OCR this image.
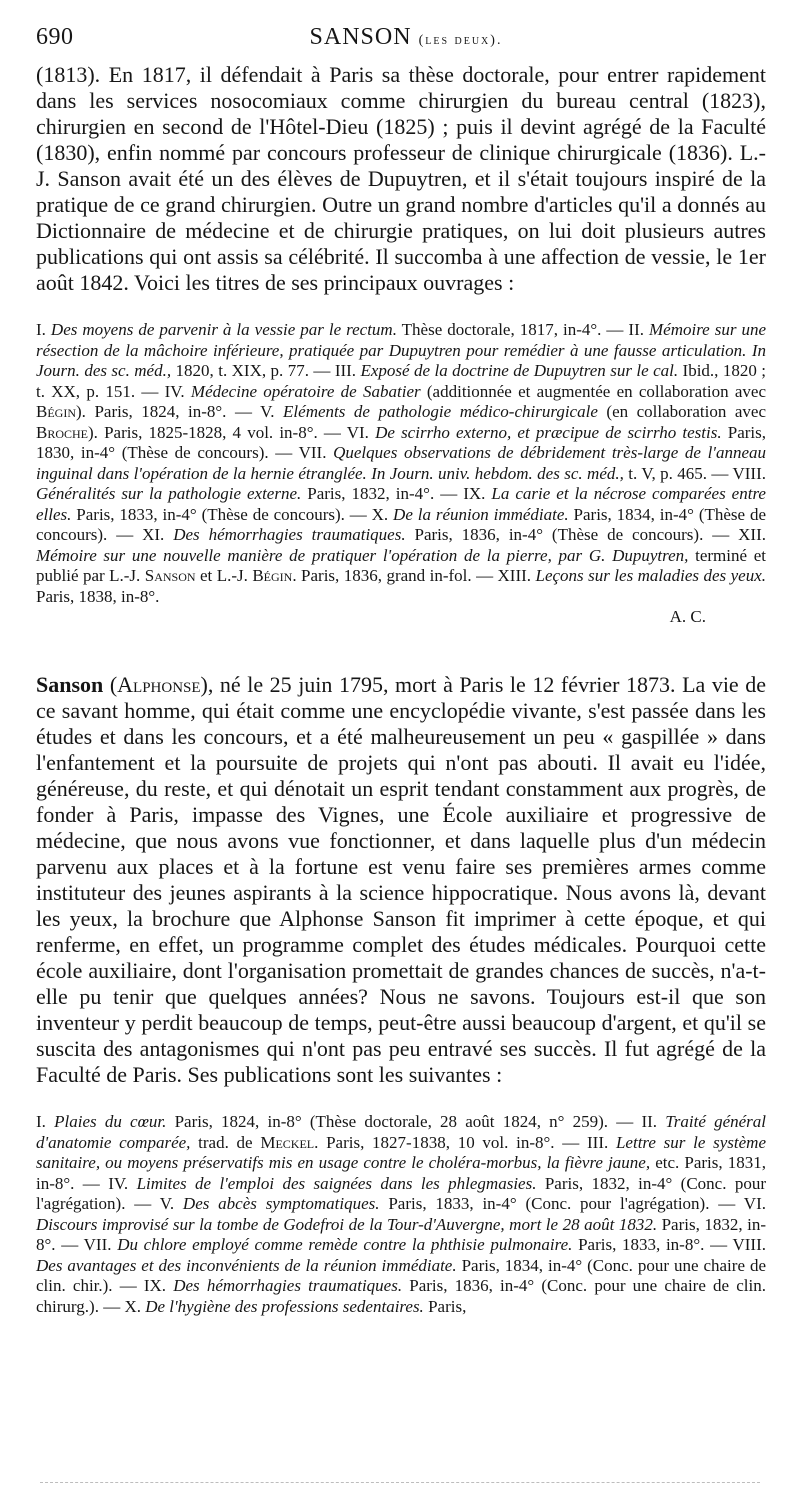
690	SANSON (les deux).

(1813). En 1817, il défendait à Paris sa thèse doctorale, pour entrer rapidement dans les services nosocomiaux comme chirurgien du bureau central (1823), chirurgien en second de l'Hôtel-Dieu (1825) ; puis il devint agrégé de la Faculté (1830), enfin nommé par concours professeur de clinique chirurgicale (1836). L.-J. Sanson avait été un des élèves de Dupuytren, et il s'était toujours inspiré de la pratique de ce grand chirurgien. Outre un grand nombre d'articles qu'il a donnés au Dictionnaire de médecine et de chirurgie pratiques, on lui doit plusieurs autres publications qui ont assis sa célébrité. Il succomba à une affection de vessie, le 1er août 1842. Voici les titres de ses principaux ouvrages :

I. Des moyens de parvenir à la vessie par le rectum. Thèse doctorale, 1817, in-4°. — II. Mémoire sur une résection de la mâchoire inférieure, pratiquée par Dupuytren pour remédier à une fausse articulation. In Journ. des sc. méd., 1820, t. XIX, p. 77. — III. Exposé de la doctrine de Dupuytren sur le cal. Ibid., 1820 ; t. XX, p. 151. — IV. Médecine opératoire de Sabatier (additionnée et augmentée en collaboration avec Bégin). Paris, 1824, in-8°. — V. Eléments de pathologie médico-chirurgicale (en collaboration avec Broche). Paris, 1825-1828, 4 vol. in-8°. — VI. De scirrho externo, et præcipue de scirrho testis. Paris, 1830, in-4° (Thèse de concours). — VII. Quelques observations de débridement très-large de l'anneau inguinal dans l'opération de la hernie étranglée. In Journ. univ. hebdom. des sc. méd., t. V, p. 465. — VIII. Généralités sur la pathologie externe. Paris, 1832, in-4°. — IX. La carie et la nécrose comparées entre elles. Paris, 1833, in-4° (Thèse de concours). — X. De la réunion immédiate. Paris, 1834, in-4° (Thèse de concours). — XI. Des hémorrhagies traumatiques. Paris, 1836, in-4° (Thèse de concours). — XII. Mémoire sur une nouvelle manière de pratiquer l'opération de la pierre, par G. Dupuytren, terminé et publié par L.-J. Sanson et L.-J. Bégin. Paris, 1836, grand in-fol. — XIII. Leçons sur les maladies des yeux. Paris, 1838, in-8°.

A. C.

Sanson (Alphonse), né le 25 juin 1795, mort à Paris le 12 février 1873. La vie de ce savant homme, qui était comme une encyclopédie vivante, s'est passée dans les études et dans les concours, et a été malheureusement un peu « gaspillée » dans l'enfantement et la poursuite de projets qui n'ont pas abouti. Il avait eu l'idée, généreuse, du reste, et qui dénotait un esprit tendant constamment aux progrès, de fonder à Paris, impasse des Vignes, une École auxiliaire et progressive de médecine, que nous avons vue fonctionner, et dans laquelle plus d'un médecin parvenu aux places et à la fortune est venu faire ses premières armes comme instituteur des jeunes aspirants à la science hippocratique. Nous avons là, devant les yeux, la brochure que Alphonse Sanson fit imprimer à cette époque, et qui renferme, en effet, un programme complet des études médicales. Pourquoi cette école auxiliaire, dont l'organisation promettait de grandes chances de succès, n'a-t-elle pu tenir que quelques années? Nous ne savons. Toujours est-il que son inventeur y perdit beaucoup de temps, peut-être aussi beaucoup d'argent, et qu'il se suscita des antagonismes qui n'ont pas peu entravé ses succès. Il fut agrégé de la Faculté de Paris. Ses publications sont les suivantes :

I. Plaies du cœur. Paris, 1824, in-8° (Thèse doctorale, 28 août 1824, n° 259). — II. Traité général d'anatomie comparée, trad. de Meckel. Paris, 1827-1838, 10 vol. in-8°. — III. Lettre sur le système sanitaire, ou moyens préservatifs mis en usage contre le choléra-morbus, la fièvre jaune, etc. Paris, 1831, in-8°. — IV. Limites de l'emploi des saignées dans les phlegmasies. Paris, 1832, in-4° (Conc. pour l'agrégation). — V. Des abcès symptomatiques. Paris, 1833, in-4° (Conc. pour l'agrégation). — VI. Discours improvisé sur la tombe de Godefroi de la Tour-d'Auvergne, mort le 28 août 1832. Paris, 1832, in-8°. — VII. Du chlore employé comme remède contre la phthisie pulmonaire. Paris, 1833, in-8°. — VIII. Des avantages et des inconvénients de la réunion immédiate. Paris, 1834, in-4° (Conc. pour une chaire de clin. chir.). — IX. Des hémorrhagies traumatiques. Paris, 1836, in-4° (Conc. pour une chaire de clin. chirurg.). — X. De l'hygiène des professions sedentaires. Paris,
